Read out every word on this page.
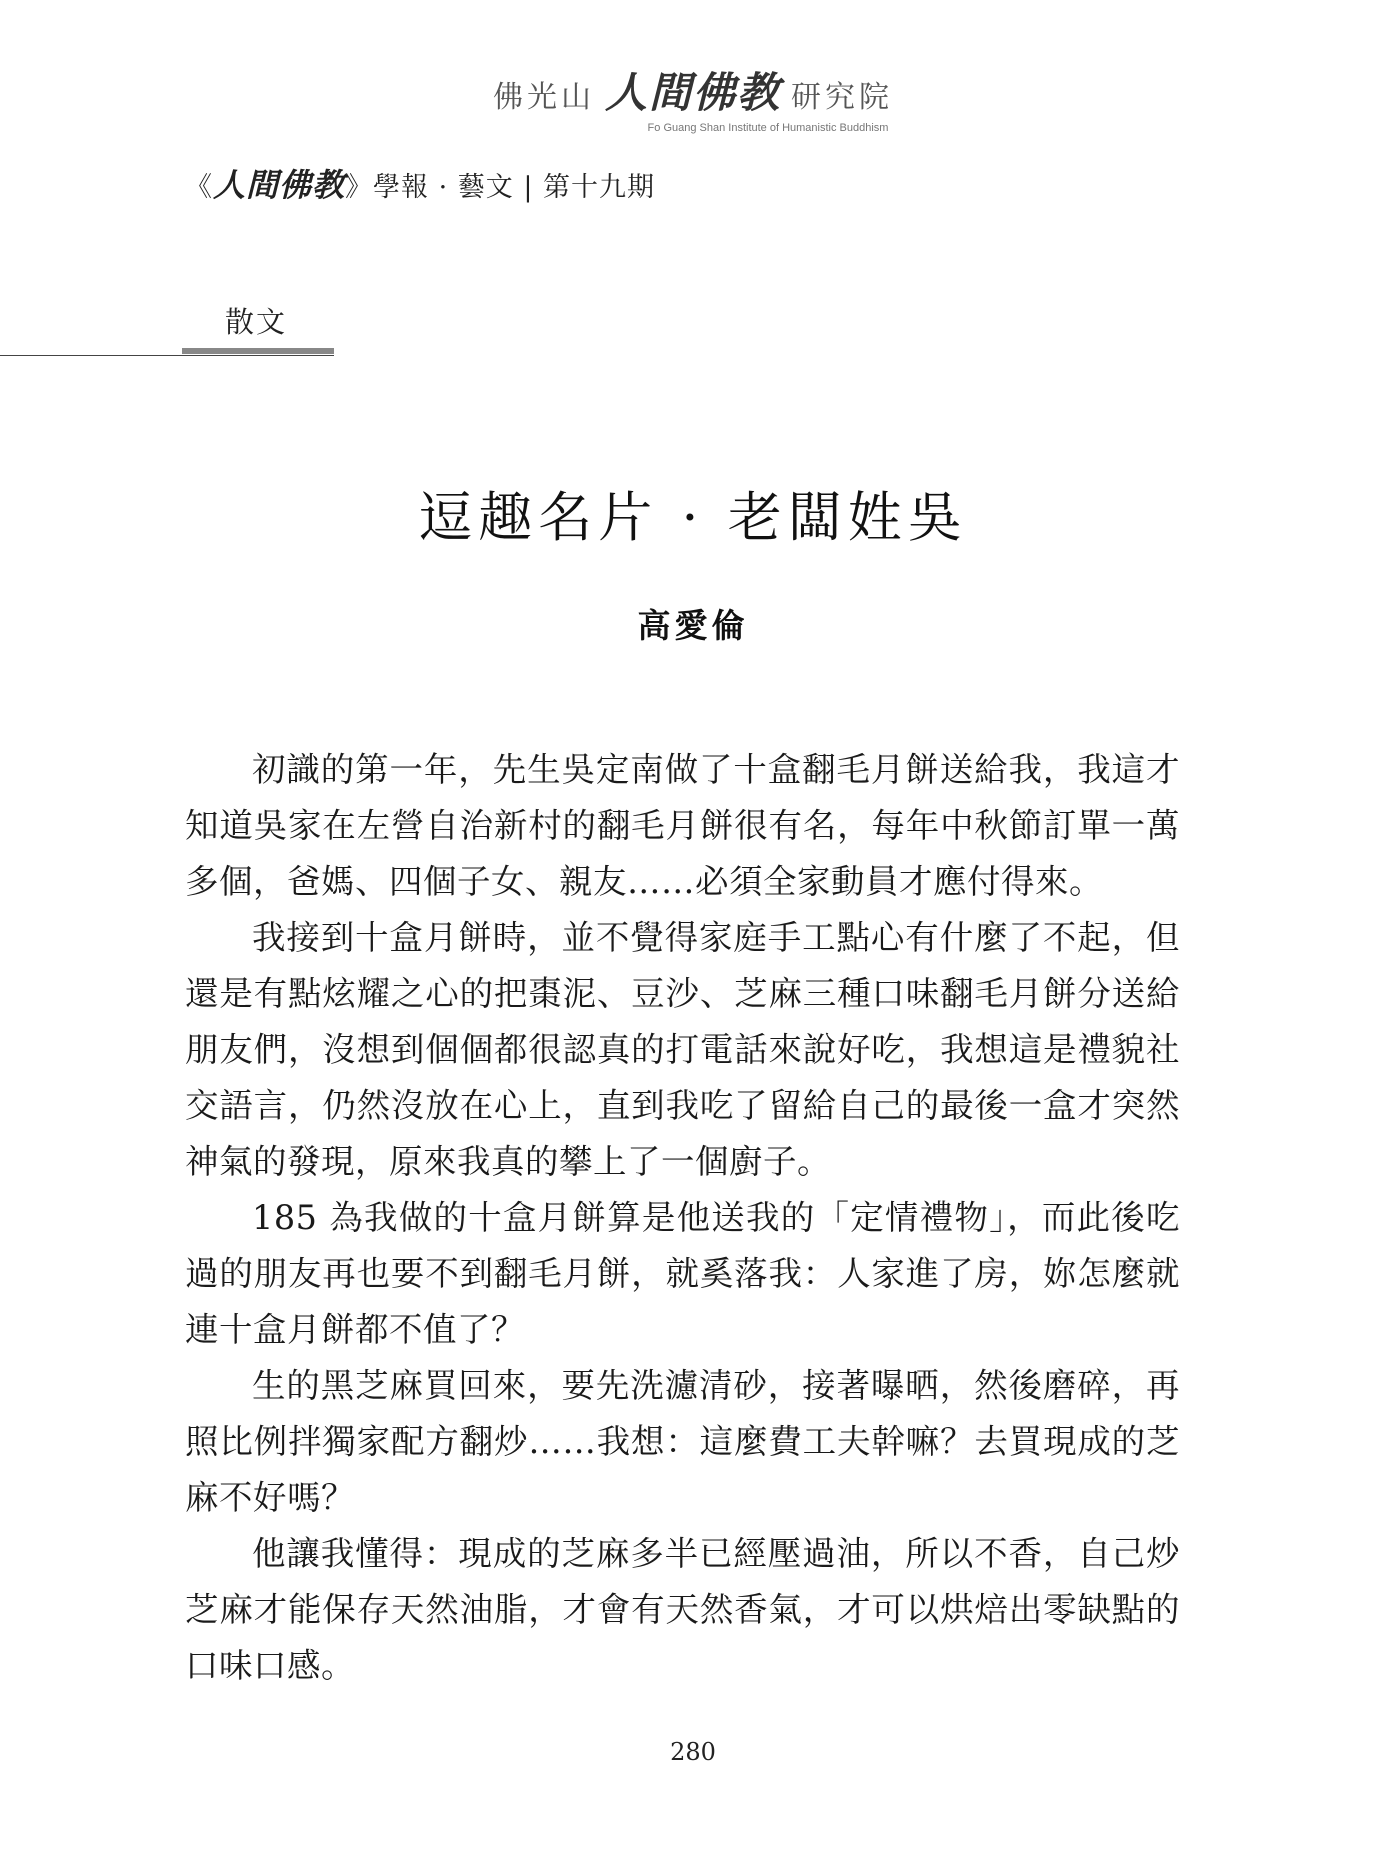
佛光山 人間佛教 研究院
Fo Guang Shan Institute of Humanistic Buddhism
《 人間佛教 》學報 · 藝文 | 第十九期
散文
逗趣名片 · 老闆姓吳
高愛倫

初識的第一年，先生吳定南做了十盒翻毛月餅送給我，我這才知道吳家在左營自治新村的翻毛月餅很有名，每年中秋節訂單一萬多個，爸媽、四個子女、親友……必須全家動員才應付得來。

我接到十盒月餅時，並不覺得家庭手工點心有什麼了不起，但還是有點炫耀之心的把棗泥、豆沙、芝麻三種口味翻毛月餅分送給朋友們，沒想到個個都很認真的打電話來說好吃，我想這是禮貌社交語言，仍然沒放在心上，直到我吃了留給自己的最後一盒才突然神氣的發現，原來我真的攀上了一個廚子。

185 為我做的十盒月餅算是他送我的「定情禮物」，而此後吃過的朋友再也要不到翻毛月餅，就奚落我：人家進了房，妳怎麼就連十盒月餅都不值了？

生的黑芝麻買回來，要先洗濾清砂，接著曝晒，然後磨碎，再照比例拌獨家配方翻炒……我想：這麼費工夫幹嘛？去買現成的芝麻不好嗎？

他讓我懂得：現成的芝麻多半已經壓過油，所以不香，自己炒芝麻才能保存天然油脂，才會有天然香氣，才可以烘焙出零缺點的口味口感。

280
